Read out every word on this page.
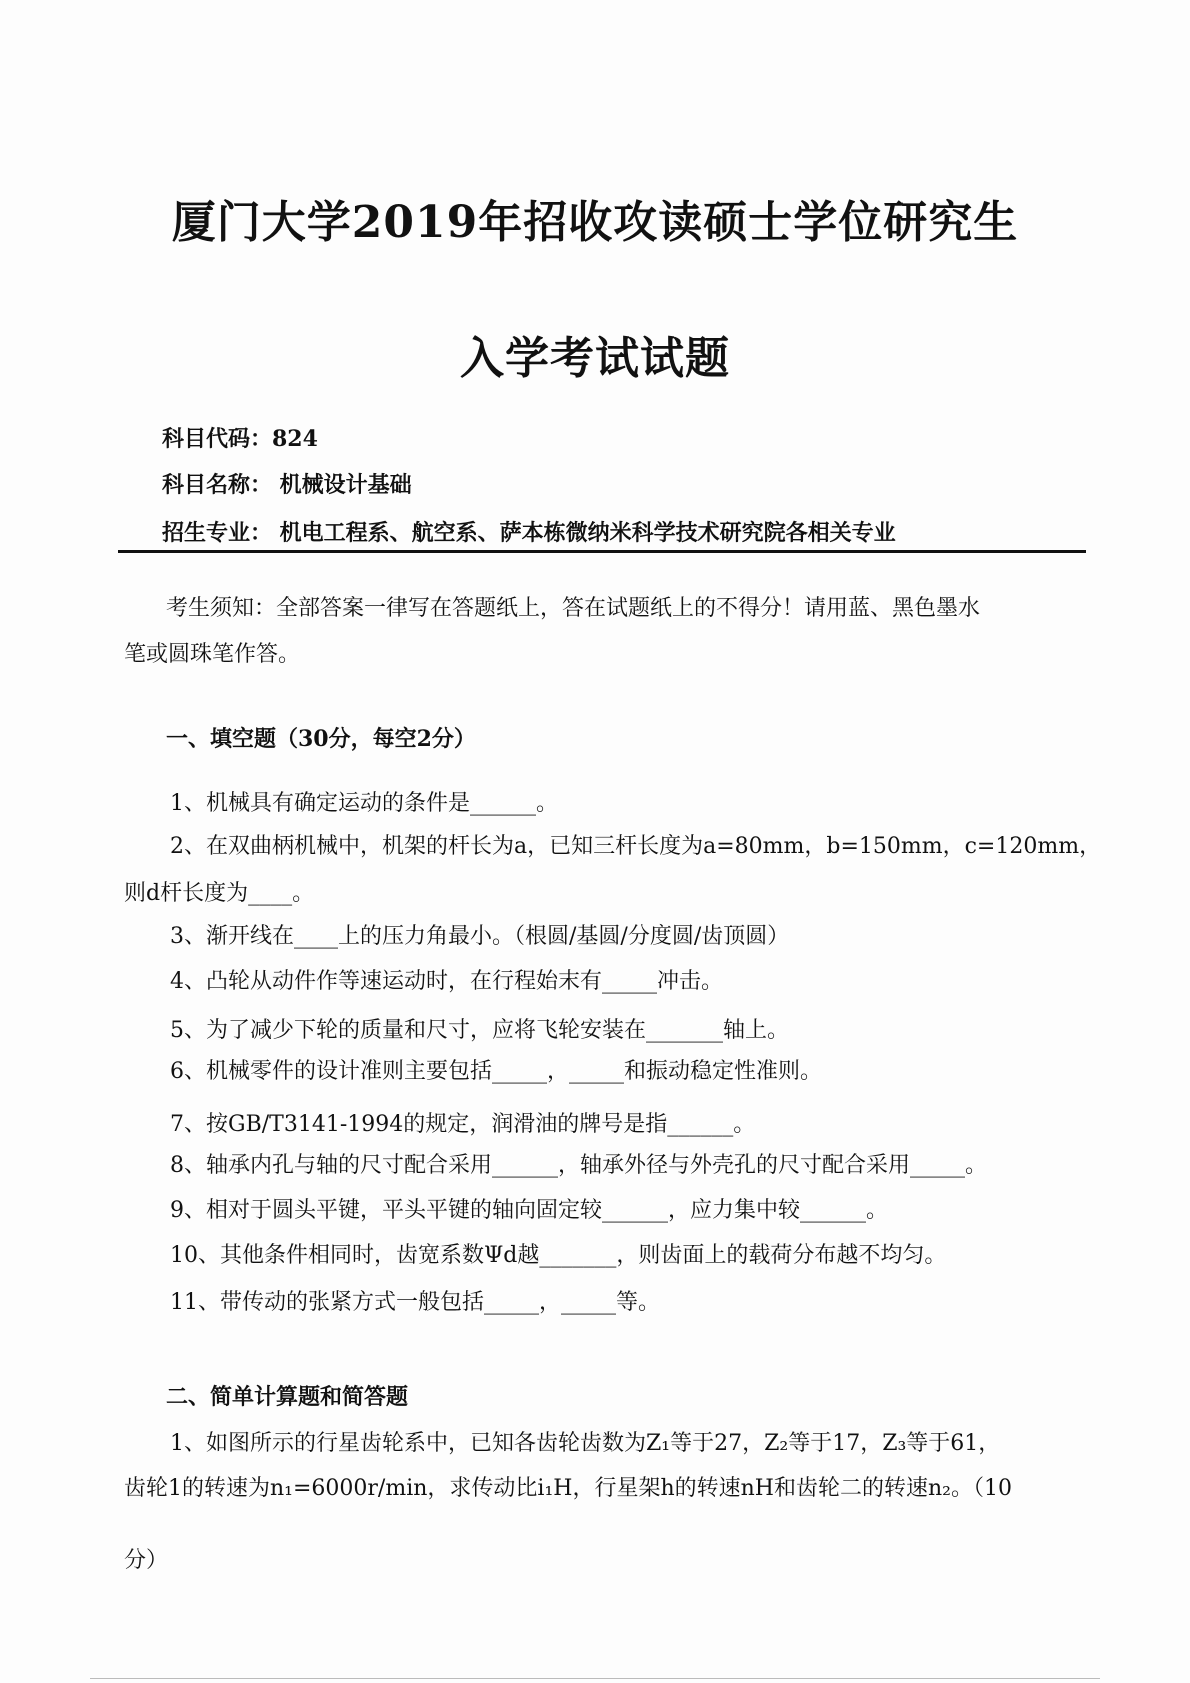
厦门大学2019年招收攻读硕士学位研究生
入学考试试题
科目代码：824
科目名称： 机械设计基础
招生专业： 机电工程系、航空系、萨本栋微纳米科学技术研究院各相关专业
考生须知：全部答案一律写在答题纸上，答在试题纸上的不得分！请用蓝、黑色墨水
笔或圆珠笔作答。
一、填空题（30分，每空2分）
1、机械具有确定运动的条件是______。
2、在双曲柄机械中，机架的杆长为a，已知三杆长度为a=80mm，b=150mm，c=120mm，
则d杆长度为____。
3、渐开线在____上的压力角最小。（根圆/基圆/分度圆/齿顶圆）
4、凸轮从动件作等速运动时，在行程始末有_____冲击。
5、为了减少下轮的质量和尺寸，应将飞轮安装在_______轴上。
6、机械零件的设计准则主要包括_____，_____和振动稳定性准则。
7、按GB/T3141-1994的规定，润滑油的牌号是指______。
8、轴承内孔与轴的尺寸配合采用______，轴承外径与外壳孔的尺寸配合采用_____。
9、相对于圆头平键，平头平键的轴向固定较______，应力集中较______。
10、其他条件相同时，齿宽系数Ψd越_______，则齿面上的载荷分布越不均匀。
11、带传动的张紧方式一般包括_____，_____等。
二、简单计算题和简答题
1、如图所示的行星齿轮系中，已知各齿轮齿数为Z₁等于27，Z₂等于17，Z₃等于61，
齿轮1的转速为n₁=6000r/min，求传动比i₁H，行星架h的转速nH和齿轮二的转速n₂。（10
分）
